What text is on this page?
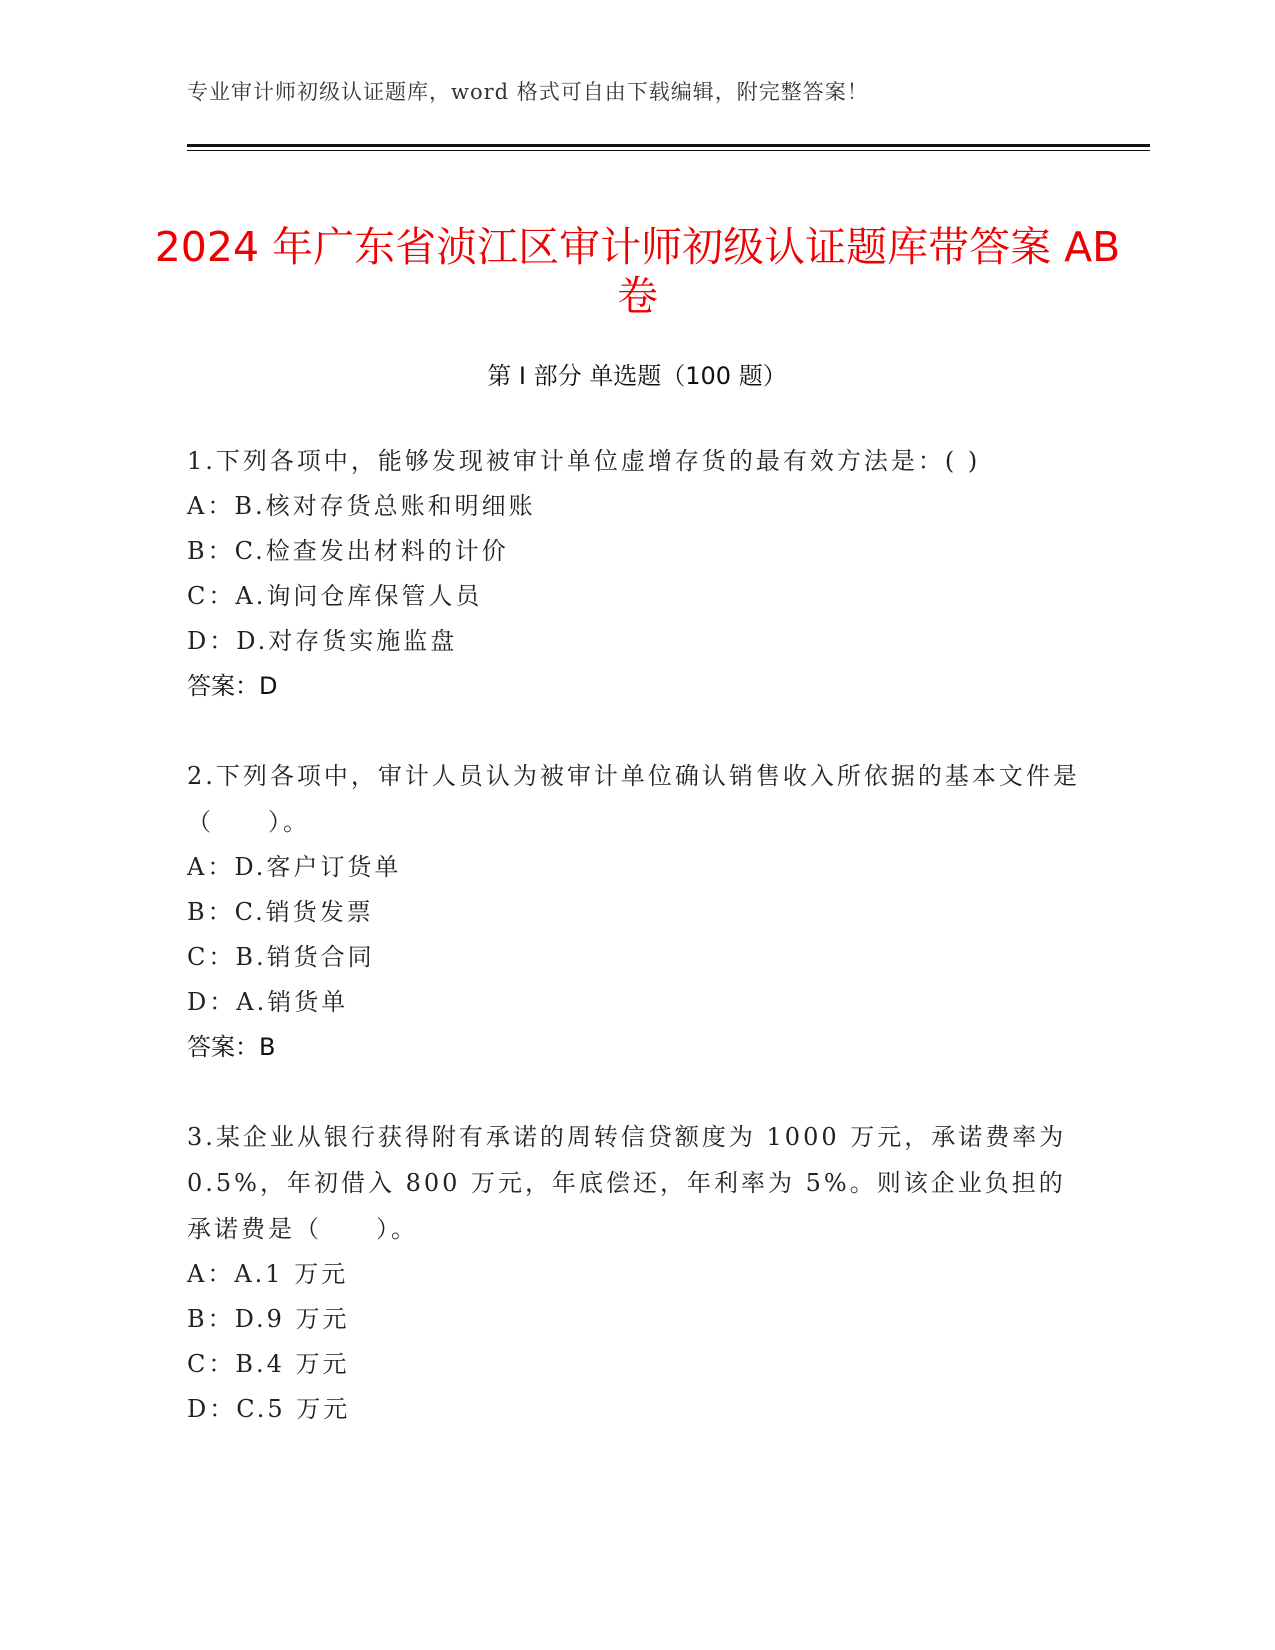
专业审计师初级认证题库，word 格式可自由下载编辑，附完整答案！
2024 年广东省浈江区审计师初级认证题库带答案 AB 卷
第 I 部分 单选题（100 题）

1.下列各项中，能够发现被审计单位虚增存货的最有效方法是：( )

A：B.核对存货总账和明细账

B：C.检查发出材料的计价

C：A.询问仓库保管人员

D：D.对存货实施监盘

答案：D

2.下列各项中，审计人员认为被审计单位确认销售收入所依据的基本文件是（　　）。

A：D.客户订货单

B：C.销货发票

C：B.销货合同

D：A.销货单

答案：B

3.某企业从银行获得附有承诺的周转信贷额度为 1000 万元，承诺费率为 0.5%，年初借入 800 万元，年底偿还，年利率为 5%。则该企业负担的承诺费是（　　）。

A：A.1 万元

B：D.9 万元

C：B.4 万元

D：C.5 万元
